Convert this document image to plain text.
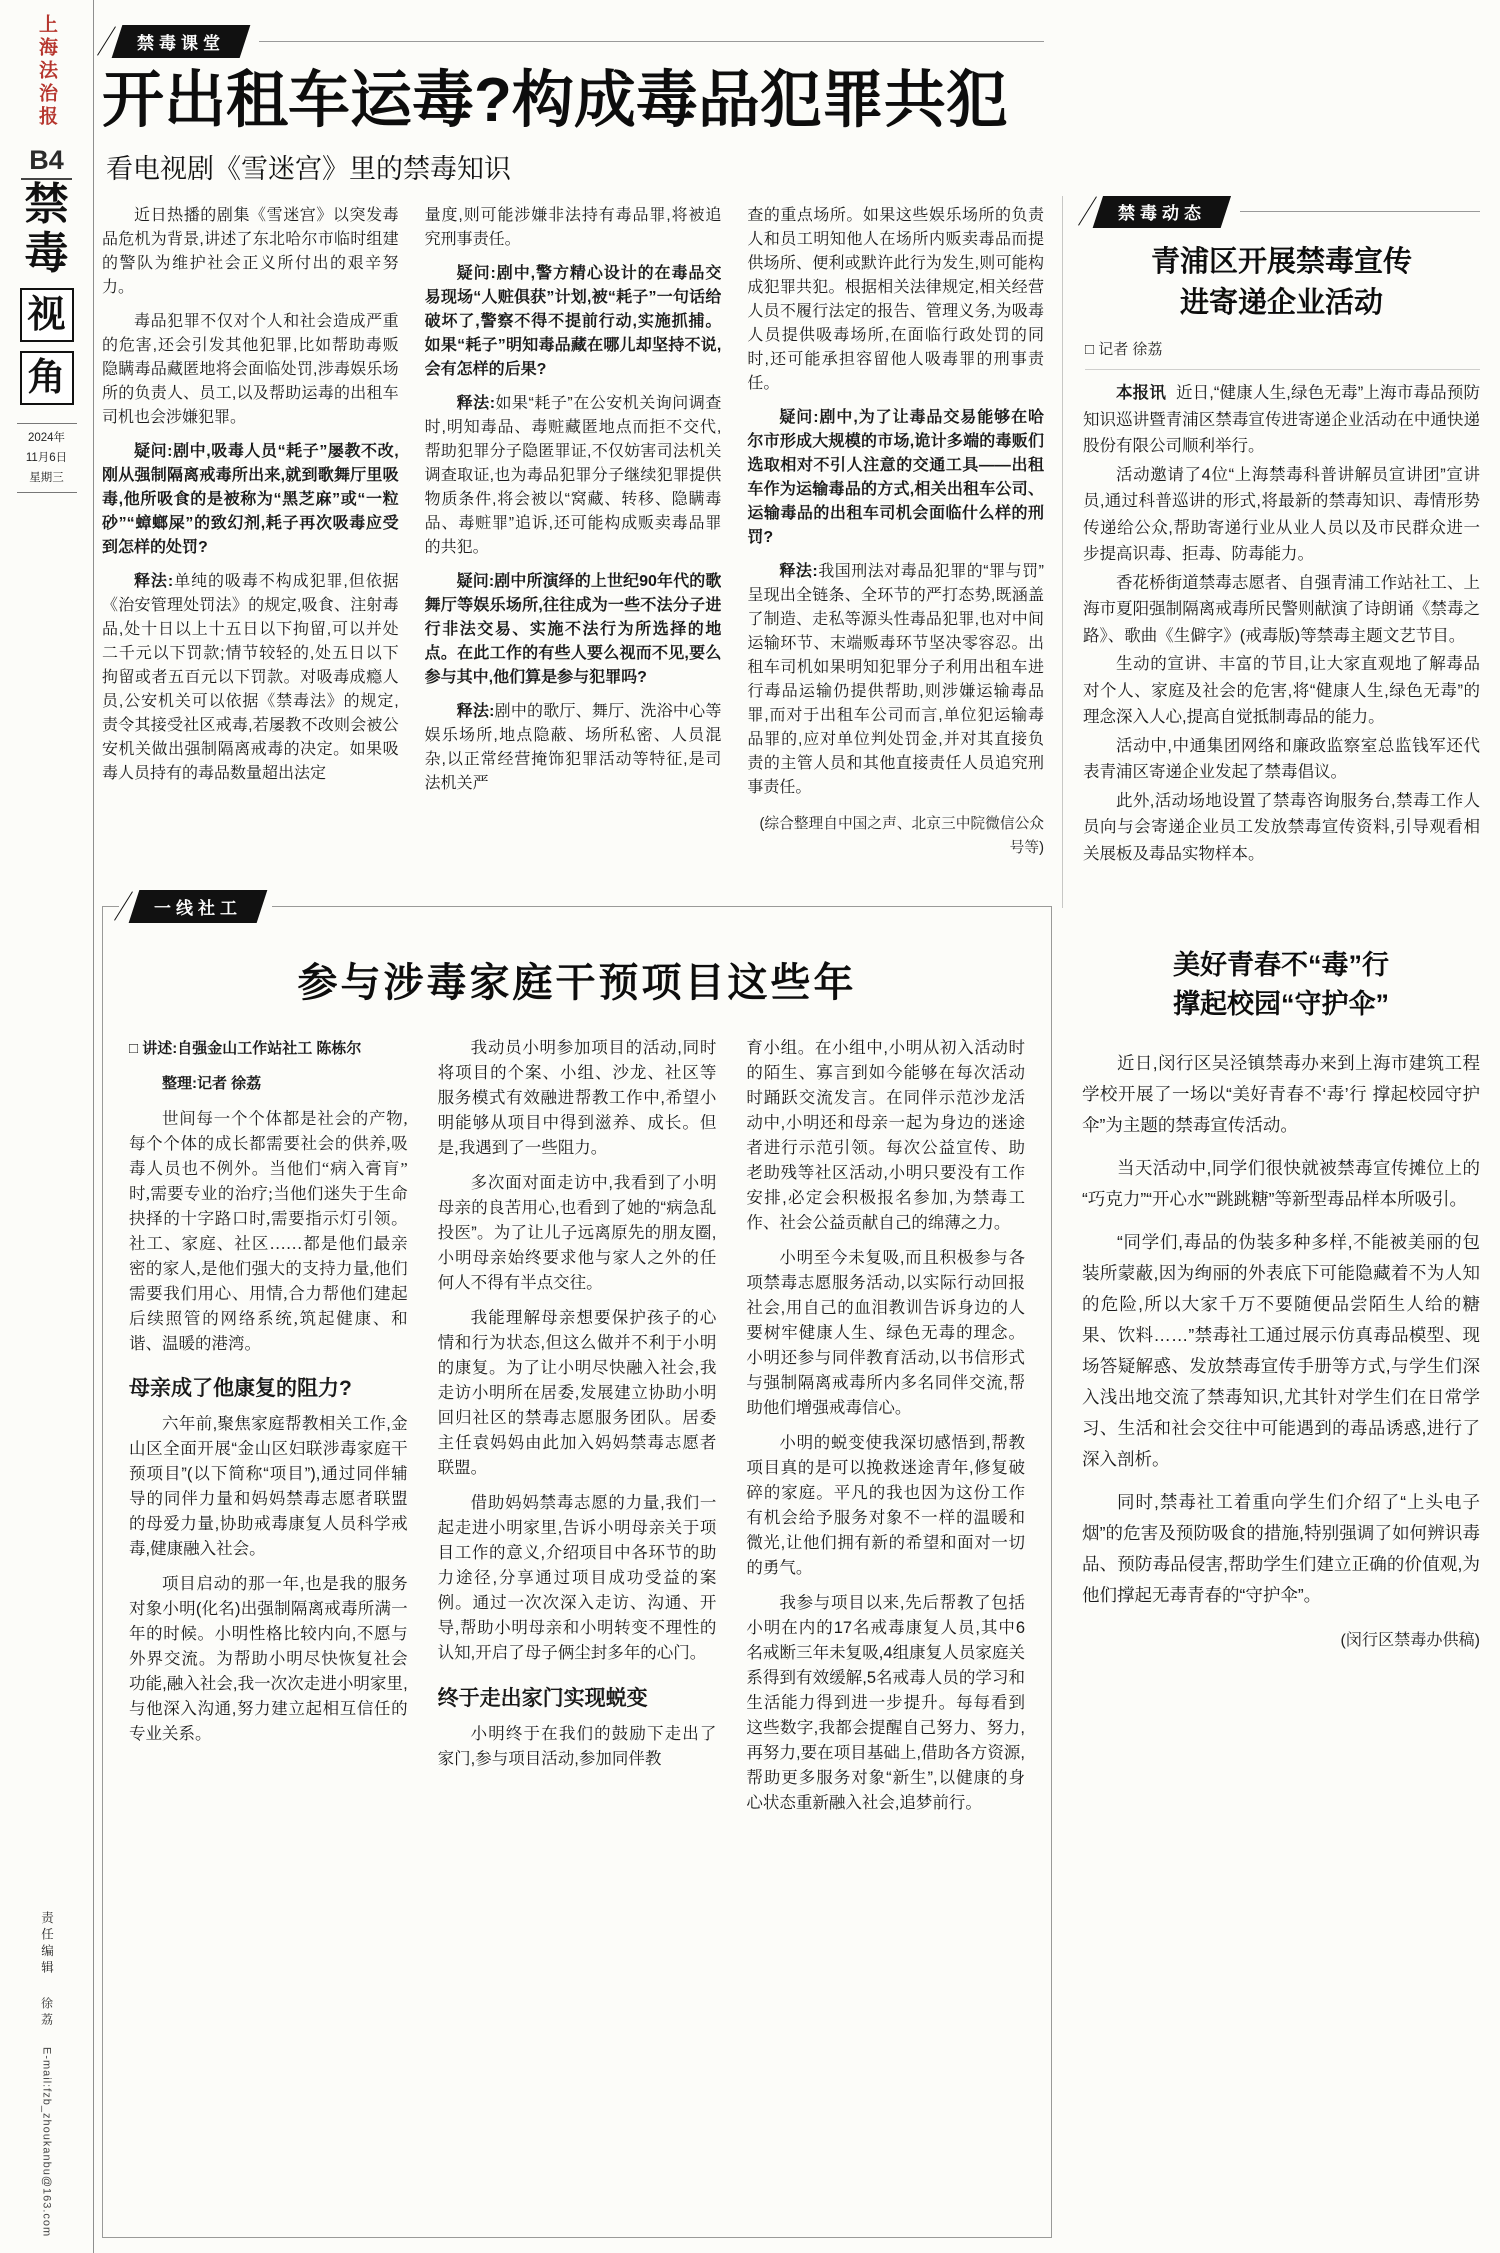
上海法治报
B4
禁
毒
视
角
2024年
11月6日
星期三
责任编辑 徐荔
E-mail:fzb_zhoukanbu@163.com
禁毒课堂
开出租车运毒?构成毒品犯罪共犯
看电视剧《雪迷宫》里的禁毒知识

近日热播的剧集《雪迷宫》以突发毒品危机为背景,讲述了东北哈尔市临时组建的警队为维护社会正义所付出的艰辛努力。

毒品犯罪不仅对个人和社会造成严重的危害,还会引发其他犯罪,比如帮助毒贩隐瞒毒品藏匿地将会面临处罚,涉毒娱乐场所的负责人、员工,以及帮助运毒的出租车司机也会涉嫌犯罪。

疑问:剧中,吸毒人员“耗子”屡教不改,刚从强制隔离戒毒所出来,就到歌舞厅里吸毒,他所吸食的是被称为“黑芝麻”或“一粒砂”“蟑螂屎”的致幻剂,耗子再次吸毒应受到怎样的处罚?

释法:单纯的吸毒不构成犯罪,但依据《治安管理处罚法》的规定,吸食、注射毒品,处十日以上十五日以下拘留,可以并处二千元以下罚款;情节较轻的,处五日以下拘留或者五百元以下罚款。对吸毒成瘾人员,公安机关可以依据《禁毒法》的规定,责令其接受社区戒毒,若屡教不改则会被公安机关做出强制隔离戒毒的决定。如果吸毒人员持有的毒品数量超出法定

量度,则可能涉嫌非法持有毒品罪,将被追究刑事责任。

疑问:剧中,警方精心设计的在毒品交易现场“人赃俱获”计划,被“耗子”一句话给破坏了,警察不得不提前行动,实施抓捕。如果“耗子”明知毒品藏在哪儿却坚持不说,会有怎样的后果?

释法:如果“耗子”在公安机关询问调查时,明知毒品、毒赃藏匿地点而拒不交代,帮助犯罪分子隐匿罪证,不仅妨害司法机关调查取证,也为毒品犯罪分子继续犯罪提供物质条件,将会被以“窝藏、转移、隐瞒毒品、毒赃罪”追诉,还可能构成贩卖毒品罪的共犯。

疑问:剧中所演绎的上世纪90年代的歌舞厅等娱乐场所,往往成为一些不法分子进行非法交易、实施不法行为所选择的地点。在此工作的有些人要么视而不见,要么参与其中,他们算是参与犯罪吗?

释法:剧中的歌厅、舞厅、洗浴中心等娱乐场所,地点隐蔽、场所私密、人员混杂,以正常经营掩饰犯罪活动等特征,是司法机关严

查的重点场所。如果这些娱乐场所的负责人和员工明知他人在场所内贩卖毒品而提供场所、便利或默许此行为发生,则可能构成犯罪共犯。根据相关法律规定,相关经营人员不履行法定的报告、管理义务,为吸毒人员提供吸毒场所,在面临行政处罚的同时,还可能承担容留他人吸毒罪的刑事责任。

疑问:剧中,为了让毒品交易能够在哈尔市形成大规模的市场,诡计多端的毒贩们选取相对不引人注意的交通工具——出租车作为运输毒品的方式,相关出租车公司、运输毒品的出租车司机会面临什么样的刑罚?

释法:我国刑法对毒品犯罪的“罪与罚”呈现出全链条、全环节的严打态势,既涵盖了制造、走私等源头性毒品犯罪,也对中间运输环节、末端贩毒环节坚决零容忍。出租车司机如果明知犯罪分子利用出租车进行毒品运输仍提供帮助,则涉嫌运输毒品罪,而对于出租车公司而言,单位犯运输毒品罪的,应对单位判处罚金,并对其直接负责的主管人员和其他直接责任人员追究刑事责任。

(综合整理自中国之声、北京三中院微信公众号等)

禁毒动态
青浦区开展禁毒宣传
进寄递企业活动
□ 记者 徐荔

本报讯 近日,“健康人生,绿色无毒”上海市毒品预防知识巡讲暨青浦区禁毒宣传进寄递企业活动在中通快递股份有限公司顺利举行。

活动邀请了4位“上海禁毒科普讲解员宣讲团”宣讲员,通过科普巡讲的形式,将最新的禁毒知识、毒情形势传递给公众,帮助寄递行业从业人员以及市民群众进一步提高识毒、拒毒、防毒能力。

香花桥街道禁毒志愿者、自强青浦工作站社工、上海市夏阳强制隔离戒毒所民警则献演了诗朗诵《禁毒之路》、歌曲《生僻字》(戒毒版)等禁毒主题文艺节目。

生动的宣讲、丰富的节目,让大家直观地了解毒品对个人、家庭及社会的危害,将“健康人生,绿色无毒”的理念深入人心,提高自觉抵制毒品的能力。

活动中,中通集团网络和廉政监察室总监钱军还代表青浦区寄递企业发起了禁毒倡议。

此外,活动场地设置了禁毒咨询服务台,禁毒工作人员向与会寄递企业员工发放禁毒宣传资料,引导观看相关展板及毒品实物样本。

一线社工
参与涉毒家庭干预项目这些年

□ 讲述:自强金山工作站社工 陈栋尔

整理:记者 徐荔

世间每一个个体都是社会的产物,每个个体的成长都需要社会的供养,吸毒人员也不例外。当他们“病入膏肓”时,需要专业的治疗;当他们迷失于生命抉择的十字路口时,需要指示灯引领。社工、家庭、社区……都是他们最亲密的家人,是他们强大的支持力量,他们需要我们用心、用情,合力帮他们建起后续照管的网络系统,筑起健康、和谐、温暖的港湾。

母亲成了他康复的阻力?

六年前,聚焦家庭帮教相关工作,金山区全面开展“金山区妇联涉毒家庭干预项目”(以下简称“项目”),通过同伴辅导的同伴力量和妈妈禁毒志愿者联盟的母爱力量,协助戒毒康复人员科学戒毒,健康融入社会。

项目启动的那一年,也是我的服务对象小明(化名)出强制隔离戒毒所满一年的时候。小明性格比较内向,不愿与外界交流。为帮助小明尽快恢复社会功能,融入社会,我一次次走进小明家里,与他深入沟通,努力建立起相互信任的专业关系。

我动员小明参加项目的活动,同时将项目的个案、小组、沙龙、社区等服务模式有效融进帮教工作中,希望小明能够从项目中得到滋养、成长。但是,我遇到了一些阻力。

多次面对面走访中,我看到了小明母亲的良苦用心,也看到了她的“病急乱投医”。为了让儿子远离原先的朋友圈,小明母亲始终要求他与家人之外的任何人不得有半点交往。

我能理解母亲想要保护孩子的心情和行为状态,但这么做并不利于小明的康复。为了让小明尽快融入社会,我走访小明所在居委,发展建立协助小明回归社区的禁毒志愿服务团队。居委主任袁妈妈由此加入妈妈禁毒志愿者联盟。

借助妈妈禁毒志愿的力量,我们一起走进小明家里,告诉小明母亲关于项目工作的意义,介绍项目中各环节的助力途径,分享通过项目成功受益的案例。通过一次次深入走访、沟通、开导,帮助小明母亲和小明转变不理性的认知,开启了母子俩尘封多年的心门。

终于走出家门实现蜕变

小明终于在我们的鼓励下走出了家门,参与项目活动,参加同伴教

育小组。在小组中,小明从初入活动时的陌生、寡言到如今能够在每次活动时踊跃交流发言。在同伴示范沙龙活动中,小明还和母亲一起为身边的迷途者进行示范引领。每次公益宣传、助老助残等社区活动,小明只要没有工作安排,必定会积极报名参加,为禁毒工作、社会公益贡献自己的绵薄之力。

小明至今未复吸,而且积极参与各项禁毒志愿服务活动,以实际行动回报社会,用自己的血泪教训告诉身边的人要树牢健康人生、绿色无毒的理念。小明还参与同伴教育活动,以书信形式与强制隔离戒毒所内多名同伴交流,帮助他们增强戒毒信心。

小明的蜕变使我深切感悟到,帮教项目真的是可以挽救迷途青年,修复破碎的家庭。平凡的我也因为这份工作有机会给予服务对象不一样的温暖和微光,让他们拥有新的希望和面对一切的勇气。

我参与项目以来,先后帮教了包括小明在内的17名戒毒康复人员,其中6名戒断三年未复吸,4组康复人员家庭关系得到有效缓解,5名戒毒人员的学习和生活能力得到进一步提升。每每看到这些数字,我都会提醒自己努力、努力,再努力,要在项目基础上,借助各方资源,帮助更多服务对象“新生”,以健康的身心状态重新融入社会,追梦前行。

美好青春不“毒”行
撑起校园“守护伞”

近日,闵行区吴泾镇禁毒办来到上海市建筑工程学校开展了一场以“美好青春不‘毒’行 撑起校园守护伞”为主题的禁毒宣传活动。

当天活动中,同学们很快就被禁毒宣传摊位上的“巧克力”“开心水”“跳跳糖”等新型毒品样本所吸引。

“同学们,毒品的伪装多种多样,不能被美丽的包装所蒙蔽,因为绚丽的外表底下可能隐藏着不为人知的危险,所以大家千万不要随便品尝陌生人给的糖果、饮料……”禁毒社工通过展示仿真毒品模型、现场答疑解惑、发放禁毒宣传手册等方式,与学生们深入浅出地交流了禁毒知识,尤其针对学生们在日常学习、生活和社会交往中可能遇到的毒品诱惑,进行了深入剖析。

同时,禁毒社工着重向学生们介绍了“上头电子烟”的危害及预防吸食的措施,特别强调了如何辨识毒品、预防毒品侵害,帮助学生们建立正确的价值观,为他们撑起无毒青春的“守护伞”。

(闵行区禁毒办供稿)
